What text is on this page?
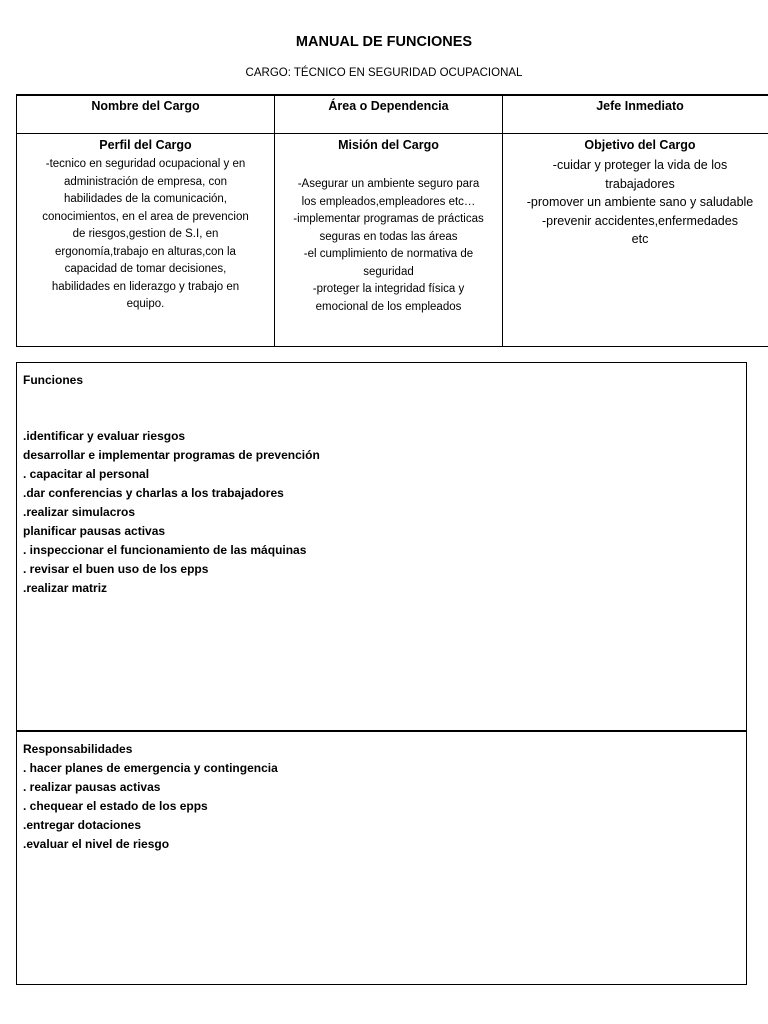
MANUAL DE FUNCIONES
CARGO: TÉCNICO EN SEGURIDAD OCUPACIONAL
Nombre del Cargo	Área o Dependencia	Jefe Inmediato
Perfil del Cargo
-tecnico en seguridad ocupacional y en
administración de empresa, con
habilidades de la comunicación,
conocimientos, en el area de prevencion
de riesgos,gestion de S.I, en
ergonomía,trabajo en alturas,con la
capacidad de tomar decisiones,
habilidades en liderazgo y trabajo en
equipo.
Misión del Cargo
-Asegurar un ambiente seguro para
los empleados,empleadores etc…
-implementar programas de prácticas
seguras en todas las áreas
-el cumplimiento de normativa de
seguridad
-proteger la integridad física y
emocional de los empleados
Objetivo del Cargo
-cuidar y proteger la vida de los
trabajadores
-promover un ambiente sano y saludable
-prevenir accidentes,enfermedades
etc
Funciones
.identificar y evaluar riesgos
desarrollar e implementar programas de prevención
. capacitar al personal
.dar conferencias y charlas a los trabajadores
.realizar simulacros
planificar pausas activas
. inspeccionar el funcionamiento de las máquinas
. revisar el buen uso de los epps
.realizar matriz
Responsabilidades
. hacer planes de emergencia y contingencia
. realizar pausas activas
. chequear el estado de los epps
.entregar dotaciones
.evaluar el nivel de riesgo
